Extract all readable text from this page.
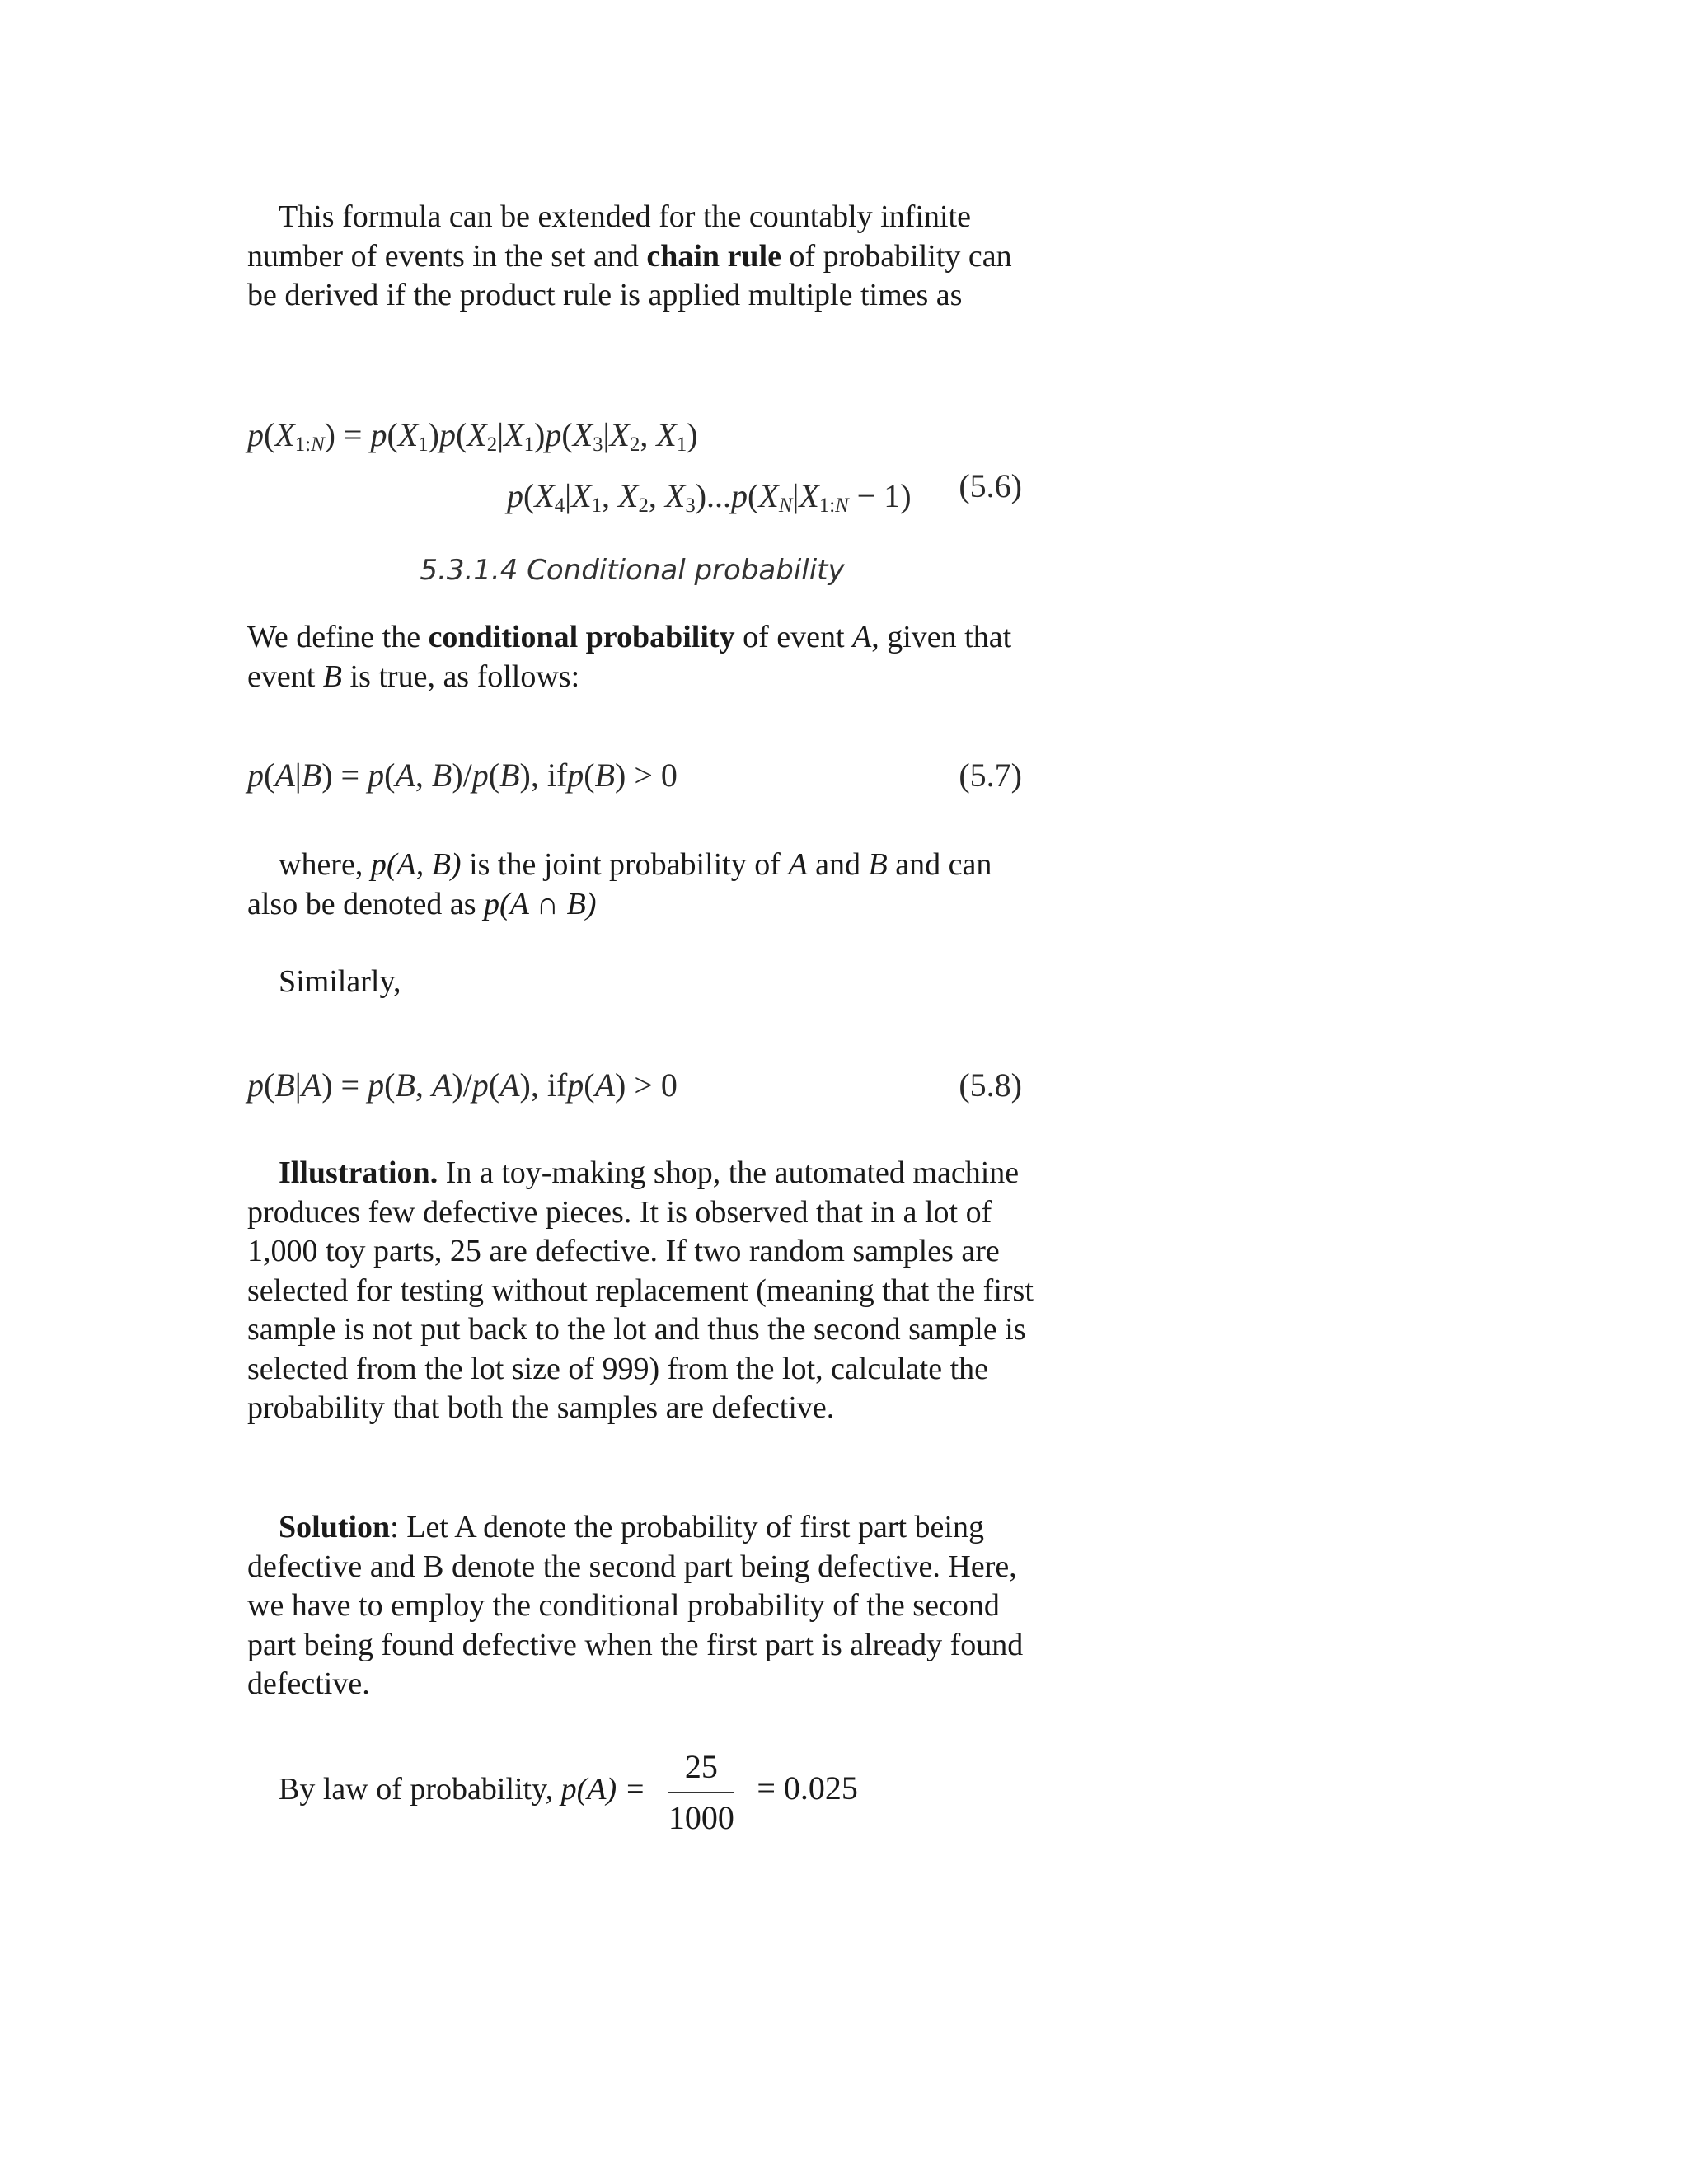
This formula can be extended for the countably infinite number of events in the set and chain rule of probability can be derived if the product rule is applied multiple times as

$p(X_{1:N}) = p(X_1)p(X_2|X_1)p(X_3|X_2$, $X_1$)
$p(X_4|X_1$, $X_2$, $X_3)...p(X_N|X_{1:N} - 1)$	(5.6)
5.3.1.4 Conditional probability

We define the conditional probability of event A, given that event B is true, as follows:

p(A|B) = p(A, B)/p(B), ifp(B) > 0	(5.7)

where, p(A, B) is the joint probability of A and B and can also be denoted as p(A ∩ B)

Similarly,

p(B|A) = p(B, A)/p(A), ifp(A) > 0	(5.8)

Illustration. In a toy-making shop, the automated machine produces few defective pieces. It is observed that in a lot of 1,000 toy parts, 25 are defective. If two random samples are selected for testing without replacement (meaning that the first sample is not put back to the lot and thus the second sample is selected from the lot size of 999) from the lot, calculate the probability that both the samples are defective.

Solution: Let A denote the probability of first part being defective and B denote the second part being defective. Here, we have to employ the conditional probability of the second part being found defective when the first part is already found defective.

By law of probability, $p(A) = \frac{25}{1000} = 0.025$
